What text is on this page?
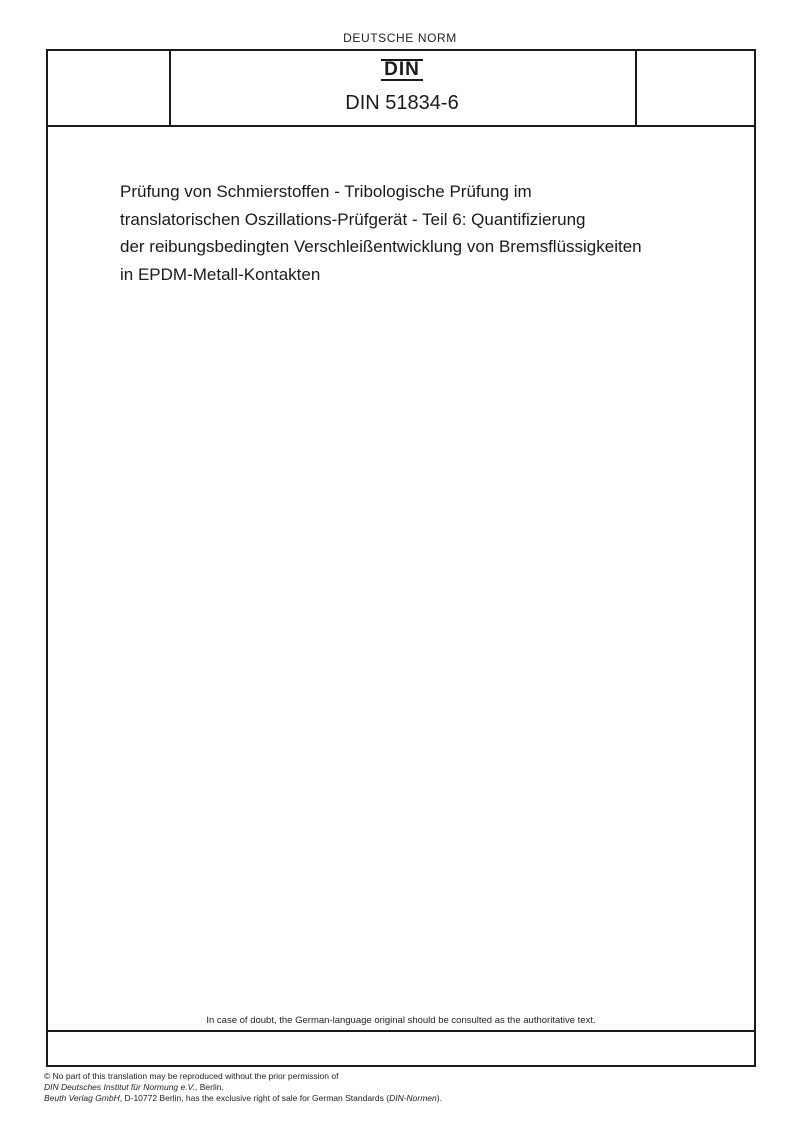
DEUTSCHE NORM
DIN
DIN 51834-6
Prüfung von Schmierstoffen - Tribologische Prüfung im
translatorischen Oszillations-Prüfgerät - Teil 6: Quantifizierung
der reibungsbedingten Verschleißentwicklung von Bremsflüssigkeiten
in EPDM-Metall-Kontakten
In case of doubt, the German-language original should be consulted as the authoritative text.
© No part of this translation may be reproduced without the prior permission of
DIN Deutsches Institut für Normung e.V., Berlin.
Beuth Verlag GmbH, D-10772 Berlin, has the exclusive right of sale for German Standards (DIN-Normen).
